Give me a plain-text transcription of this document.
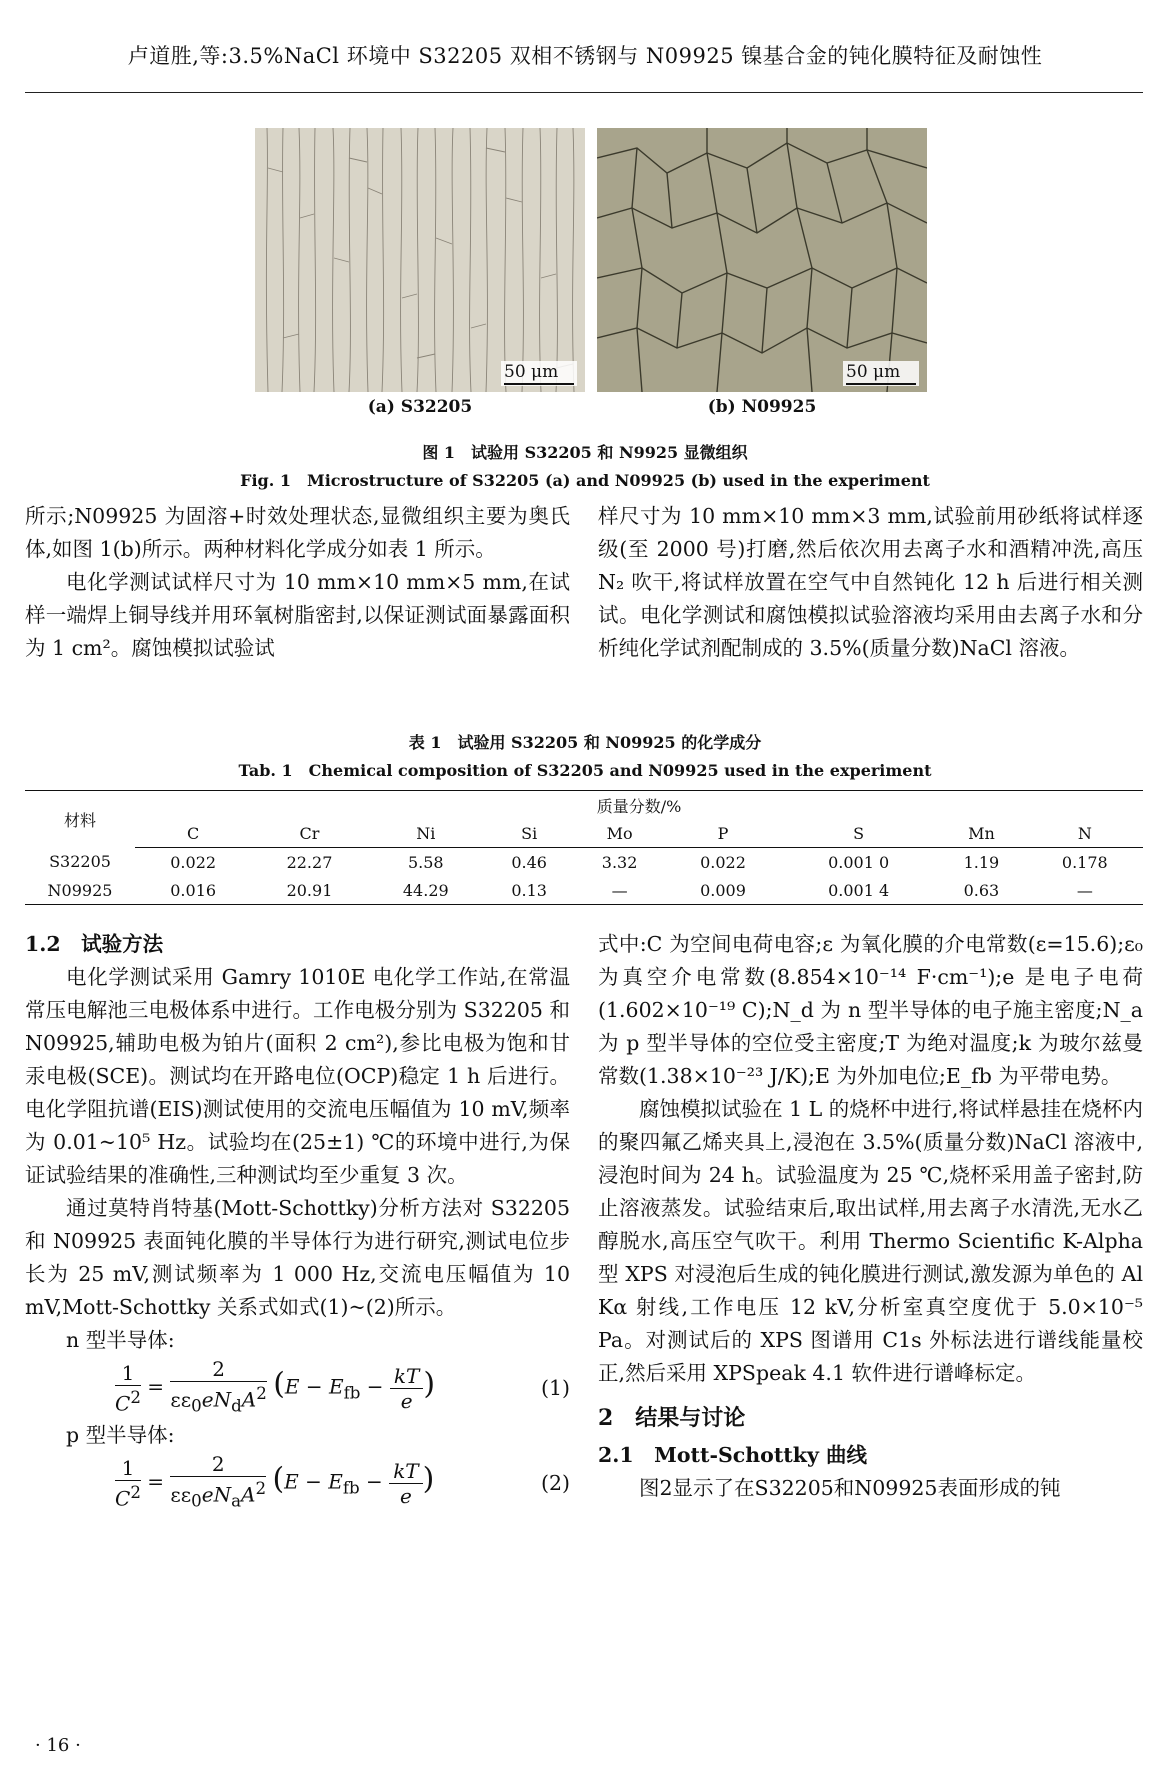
卢道胜,等:3.5%NaCl 环境中 S32205 双相不锈钢与 N09925 镍基合金的钝化膜特征及耐蚀性
50 μm	50 μm
(a) S32205	(b) N09925
图 1　试验用 S32205 和 N9925 显微组织
Fig. 1　Microstructure of S32205 (a) and N09925 (b) used in the experiment

所示;N09925 为固溶+时效处理状态,显微组织主要为奥氏体,如图 1(b)所示。两种材料化学成分如表 1 所示。

电化学测试试样尺寸为 10 mm×10 mm×5 mm,在试样一端焊上铜导线并用环氧树脂密封,以保证测试面暴露面积为 1 cm²。腐蚀模拟试验试

样尺寸为 10 mm×10 mm×3 mm,试验前用砂纸将试样逐级(至 2000 号)打磨,然后依次用去离子水和酒精冲洗,高压 N₂ 吹干,将试样放置在空气中自然钝化 12 h 后进行相关测试。电化学测试和腐蚀模拟试验溶液均采用由去离子水和分析纯化学试剂配制成的 3.5%(质量分数)NaCl 溶液。

表 1　试验用 S32205 和 N09925 的化学成分
Tab. 1　Chemical composition of S32205 and N09925 used in the experiment
材料	质量分数/%								
	C	Cr	Ni	Si	Mo	P	S	Mn	N
S32205	0.022	22.27	5.58	0.46	3.32	0.022	0.001 0	1.19	0.178
N09925	0.016	20.91	44.29	0.13	—	0.009	0.001 4	0.63	—
1.2　试验方法

电化学测试采用 Gamry 1010E 电化学工作站,在常温常压电解池三电极体系中进行。工作电极分别为 S32205 和 N09925,辅助电极为铂片(面积 2 cm²),参比电极为饱和甘汞电极(SCE)。测试均在开路电位(OCP)稳定 1 h 后进行。电化学阻抗谱(EIS)测试使用的交流电压幅值为 10 mV,频率为 0.01~10⁵ Hz。试验均在(25±1) ℃的环境中进行,为保证试验结果的准确性,三种测试均至少重复 3 次。

通过莫特肖特基(Mott-Schottky)分析方法对 S32205 和 N09925 表面钝化膜的半导体行为进行研究,测试电位步长为 25 mV,测试频率为 1 000 Hz,交流电压幅值为 10 mV,Mott-Schottky 关系式如式(1)~(2)所示。

n 型半导体:

$\frac{1}{C^2} = \frac{2}{\varepsilon\varepsilon_0eN_dA^2} (E - E_{fb} - \frac{kT}{e}$ )	(1)

p 型半导体:

$\frac{1}{C^2} = \frac{2}{\varepsilon\varepsilon_0eN_aA^2} (E - E_{fb} - \frac{kT}{e}$ )	(2)

式中:C 为空间电荷电容;ε 为氧化膜的介电常数(ε=15.6);ε₀ 为真空介电常数(8.854×10⁻¹⁴ F·cm⁻¹);e 是电子电荷(1.602×10⁻¹⁹ C);N_d 为 n 型半导体的电子施主密度;N_a 为 p 型半导体的空位受主密度;T 为绝对温度;k 为玻尔兹曼常数(1.38×10⁻²³ J/K);E 为外加电位;E_fb 为平带电势。

腐蚀模拟试验在 1 L 的烧杯中进行,将试样悬挂在烧杯内的聚四氟乙烯夹具上,浸泡在 3.5%(质量分数)NaCl 溶液中,浸泡时间为 24 h。试验温度为 25 ℃,烧杯采用盖子密封,防止溶液蒸发。试验结束后,取出试样,用去离子水清洗,无水乙醇脱水,高压空气吹干。利用 Thermo Scientific K-Alpha 型 XPS 对浸泡后生成的钝化膜进行测试,激发源为单色的 Al Kα 射线,工作电压 12 kV,分析室真空度优于 5.0×10⁻⁵ Pa。对测试后的 XPS 图谱用 C1s 外标法进行谱线能量校正,然后采用 XPSpeak 4.1 软件进行谱峰标定。

2　结果与讨论
2.1　Mott-Schottky 曲线

图2显示了在S32205和N09925表面形成的钝

· 16 ·
